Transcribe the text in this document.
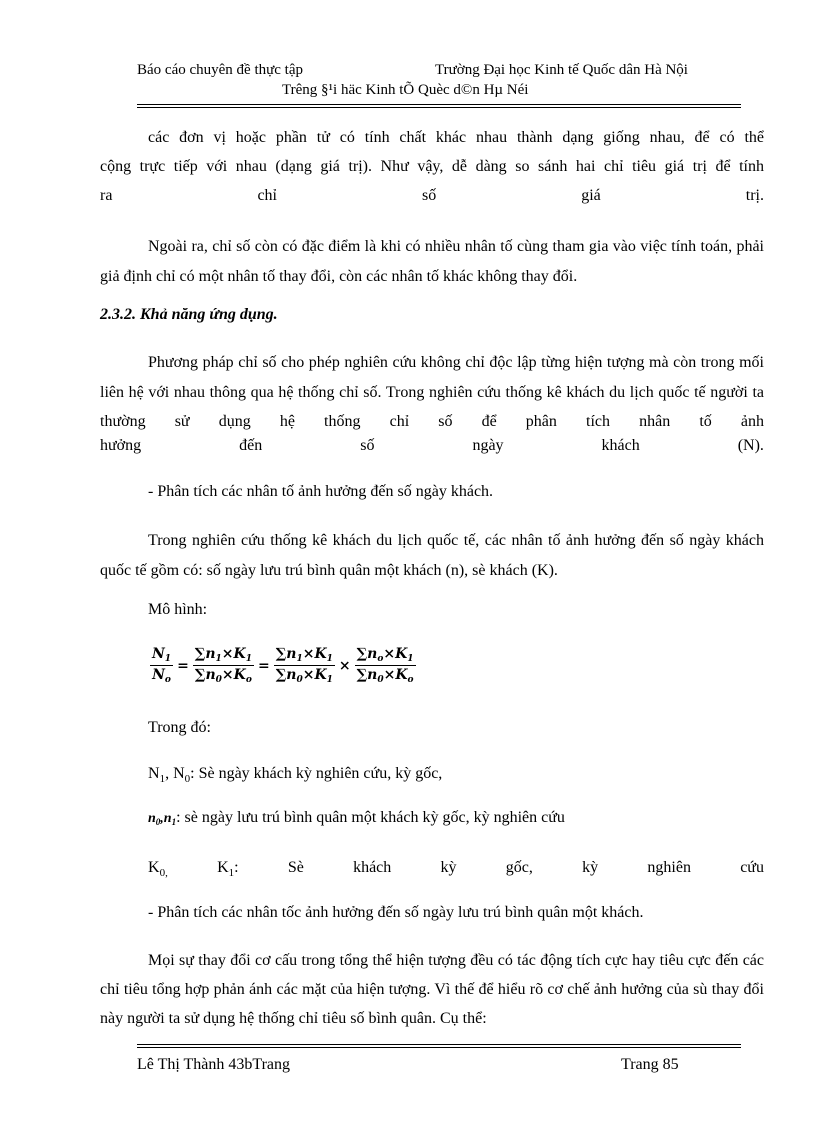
Báo cáo chuyên đề thực tập	Trường Đại học Kinh tế Quốc dân Hà Nội
Trêng §¹i häc Kinh tÕ Quèc d©n Hµ Néi
các đơn vị hoặc phần tử có tính chất khác nhau thành dạng giống nhau, để có thể
cộng trực tiếp với nhau (dạng giá trị). Như vậy, dễ dàng so sánh hai chỉ tiêu giá trị để tính
ra	chỉ	số	giá	trị.
Ngoài ra, chỉ số còn có đặc điểm là khi có nhiều nhân tố cùng tham gia vào việc tính toán, phải giả định chỉ có một nhân tố thay đổi, còn các nhân tố khác không thay đổi.
2.3.2. Khả năng ứng dụng.
Phương pháp chỉ số cho phép nghiên cứu không chỉ độc lập từng hiện tượng mà còn trong mối liên hệ với nhau thông qua hệ thống chỉ số. Trong nghiên cứu thống kê khách du lịch quốc tế người ta thường sử dụng hệ thống chỉ số để phân tích nhân tố ảnh
hưởng	đến	số	ngày	khách	(N).
- Phân tích các nhân tố ảnh hưởng đến số ngày khách.
Trong nghiên cứu thống kê khách du lịch quốc tế, các nhân tố ảnh hưởng đến số ngày khách quốc tế gồm có: số ngày lưu trú bình quân một khách (n), sè khách (K).
Mô hình:
$\frac{N_1}{N_o} = \frac{\sum n_1\times K_1}{\sum n_0\times K_o} = \frac{\sum n_1\times K_1}{\sum n_0\times K_1} \times \frac{\sum n_o\times K_1}{\sum n_0\times K_o}$
Trong đó:
$N_1$, $N_0$: Sè ngày khách kỳ nghiên cứu, kỳ gốc,
$n_0,n_1$: sè ngày lưu trú bình quân một khách kỳ gốc, kỳ nghiên cứu
$K_{0,}$	$K_1$:	Sè	khách	kỳ	gốc,	kỳ	nghiên	cứu
- Phân tích các nhân tốc ảnh hưởng đến số ngày lưu trú bình quân một khách.
Mọi sự thay đổi cơ cấu trong tổng thể hiện tượng đều có tác động tích cực hay tiêu cực đến các chỉ tiêu tổng hợp phản ánh các mặt của hiện tượng. Vì thế để hiểu rõ cơ chế ảnh hưởng của sù thay đổi này người ta sử dụng hệ thống chỉ tiêu số bình quân. Cụ thể:
Lê Thị Thành 43bTrang	Trang 85
